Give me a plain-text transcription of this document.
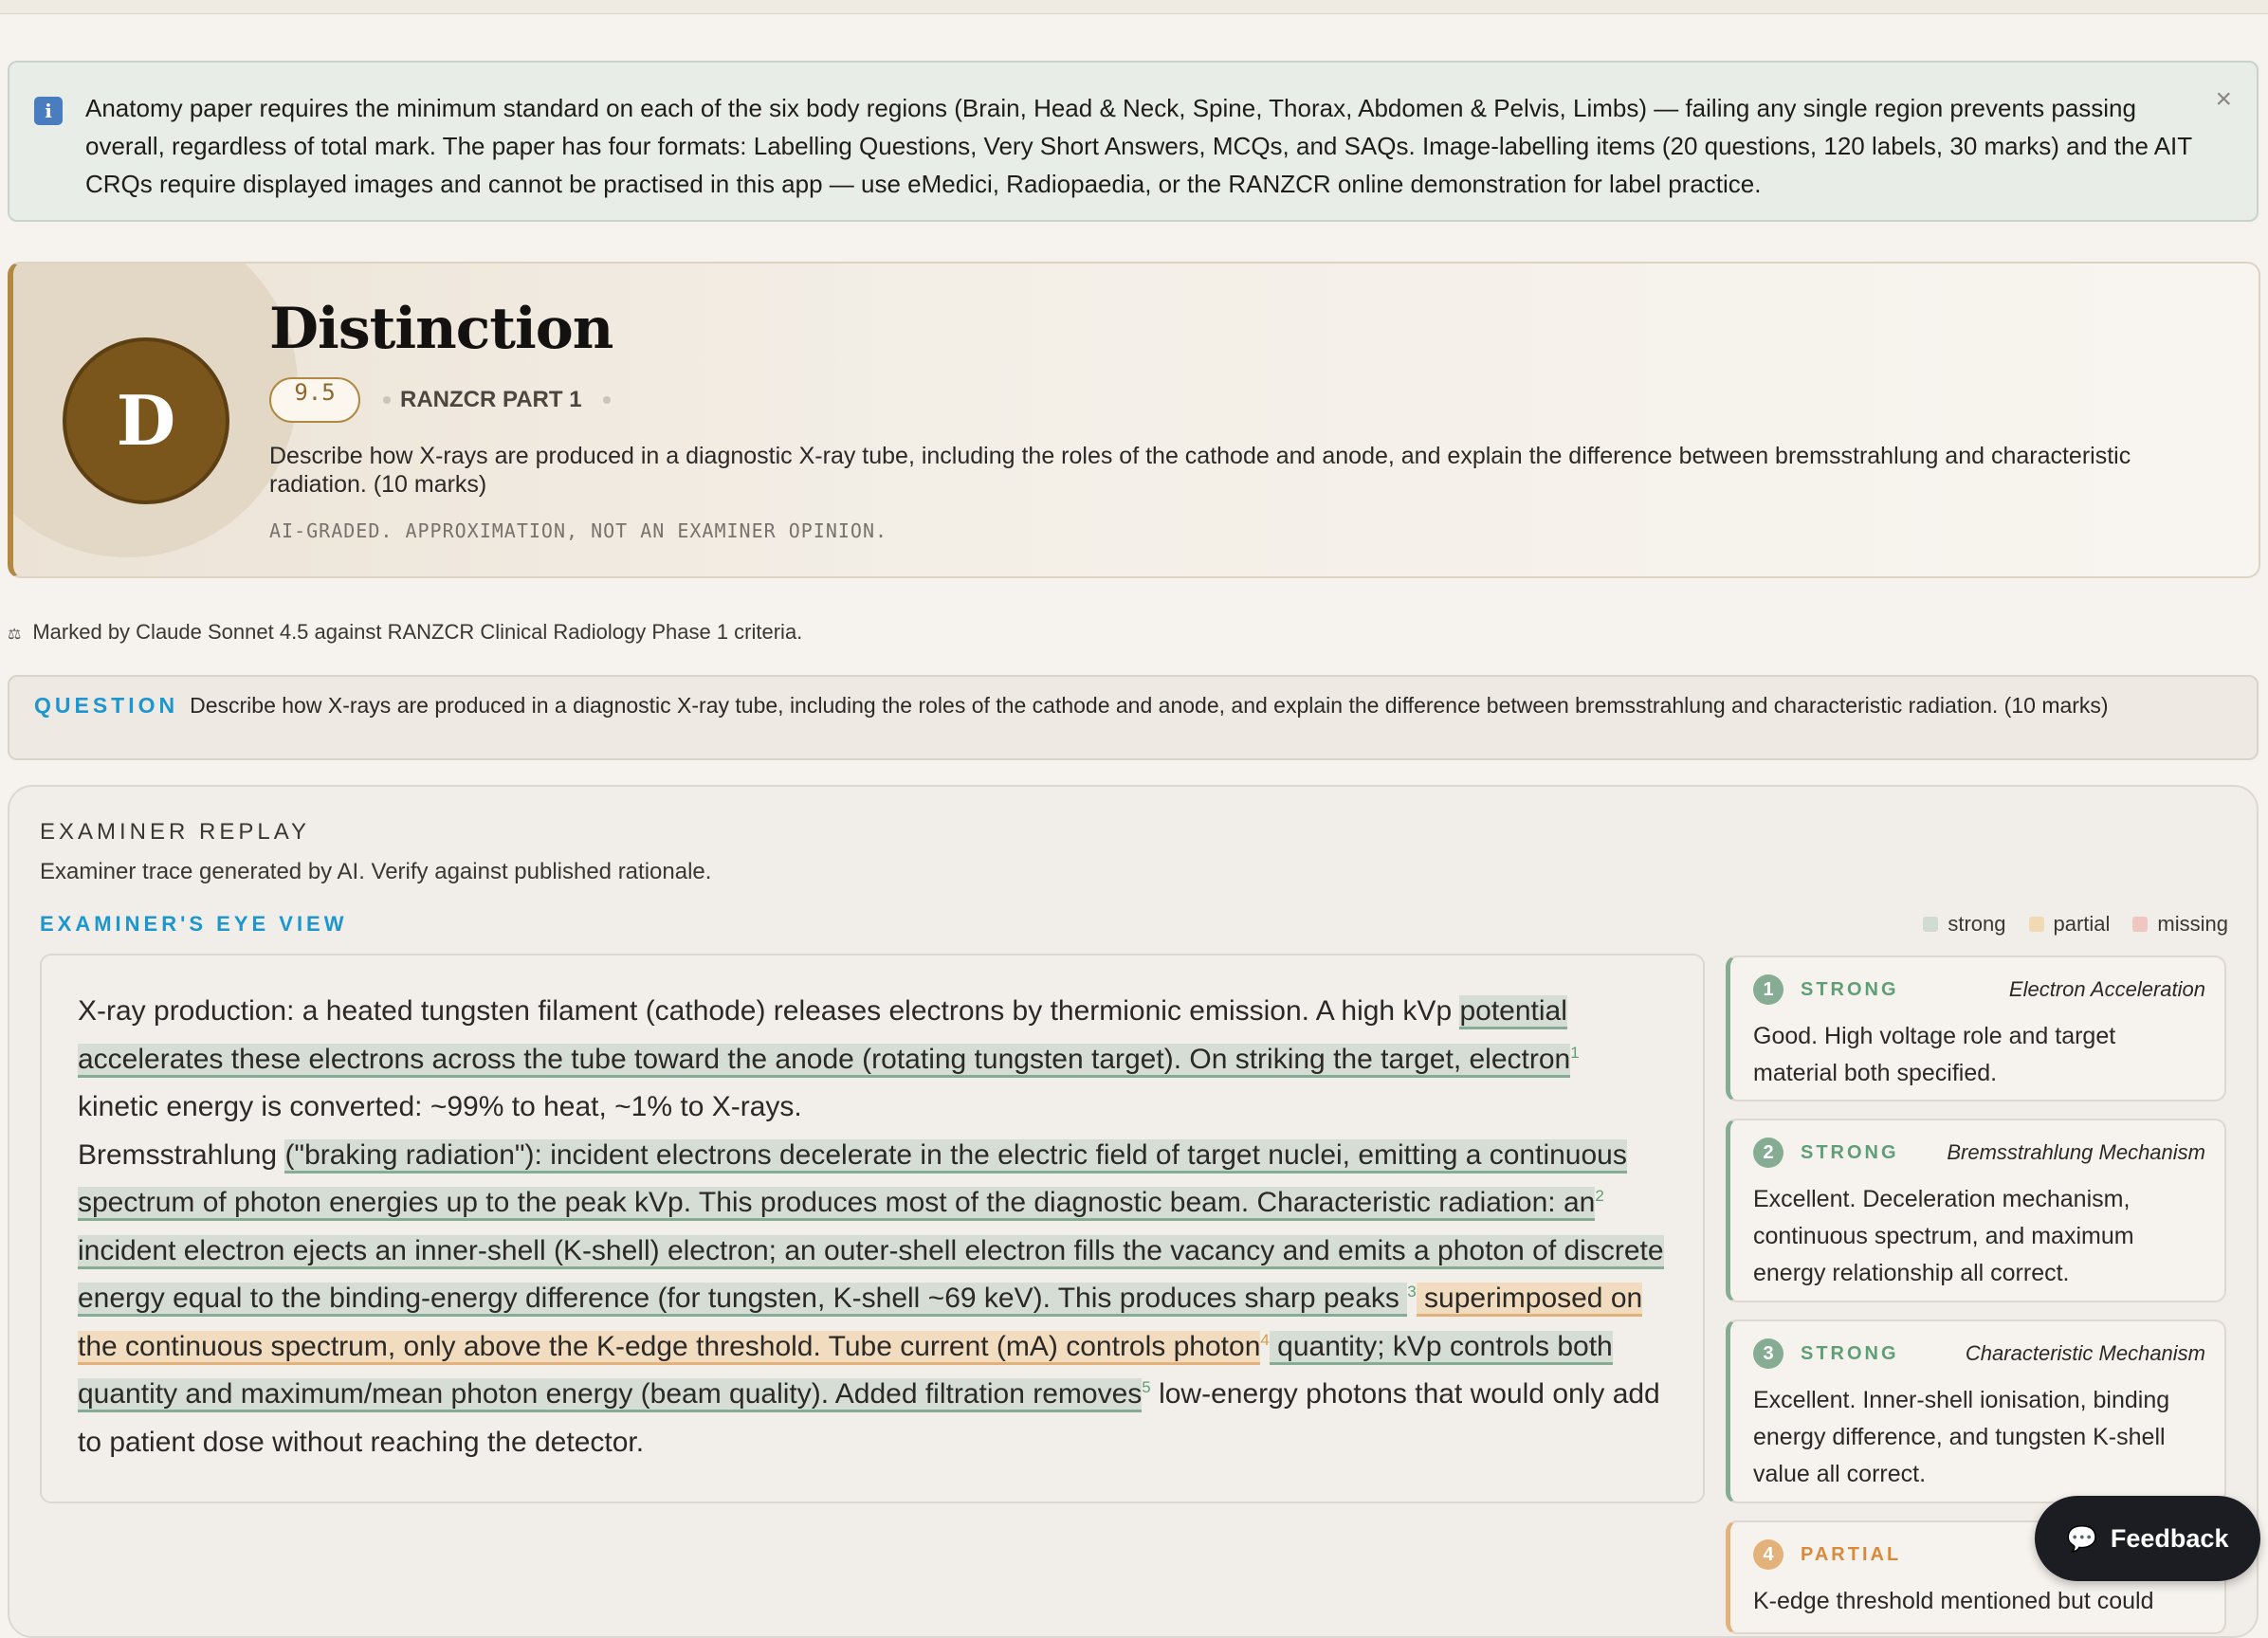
i	Anatomy paper requires the minimum standard on each of the six body regions (Brain, Head & Neck, Spine, Thorax, Abdomen & Pelvis, Limbs) — failing any single region prevents passing overall, regardless of total mark. The paper has four formats: Labelling Questions, Very Short Answers, MCQs, and SAQs. Image-labelling items (20 questions, 120 labels, 30 marks) and the AIT CRQs require displayed images and cannot be practised in this app — use eMedici, Radiopaedia, or the RANZCR online demonstration for label practice.

×
D
Distinction
9.5	RANZCR PART 1

Describe how X-rays are produced in a diagnostic X-ray tube, including the roles of the cathode and anode, and explain the difference between bremsstrahlung and characteristic radiation. (10 marks)

AI-GRADED. APPROXIMATION, NOT AN EXAMINER OPINION.
⚖ Marked by Claude Sonnet 4.5 against RANZCR Clinical Radiology Phase 1 criteria.
QUESTION Describe how X-rays are produced in a diagnostic X-ray tube, including the roles of the cathode and anode, and explain the difference between bremsstrahlung and characteristic radiation. (10 marks)
EXAMINER REPLAY
Examiner trace generated by AI. Verify against published rationale.
EXAMINER'S EYE VIEW	strong partial missing

X-ray production: a heated tungsten filament (cathode) releases electrons by thermionic emission. A high kVp potential accelerates these electrons across the tube toward the anode (rotating tungsten target). On striking the target, electron$^1$ kinetic energy is converted: ~99% to heat, ~1% to X-rays.

Bremsstrahlung ("braking radiation"): incident electrons decelerate in the electric field of target nuclei, emitting a continuous spectrum of photon energies up to the peak kVp. This produces most of the diagnostic beam. Characteristic radiation: an$^2$ incident electron ejects an inner-shell (K-shell) electron; an outer-shell electron fills the vacancy and emits a photon of discrete energy equal to the binding-energy difference (for tungsten, K-shell ~69 keV). This produces sharp peaks $^3$ superimposed on the continuous spectrum, only above the K-edge threshold. Tube current (mA) controls photon$^4$ quantity; kVp controls both quantity and maximum/mean photon energy (beam quality). Added filtration removes$^5$ low-energy photons that would only add to patient dose without reaching the detector.

1	STRONG	Electron Acceleration

Good. High voltage role and target material both specified.

2	STRONG Bremsstrahlung Mechanism

Excellent. Deceleration mechanism, continuous spectrum, and maximum energy relationship all correct.

3	STRONG	Characteristic Mechanism

Excellent. Inner-shell ionisation, binding energy difference, and tungsten K-shell value all correct.

4	PARTIAL

K-edge threshold mentioned but could

💬 Feedback
